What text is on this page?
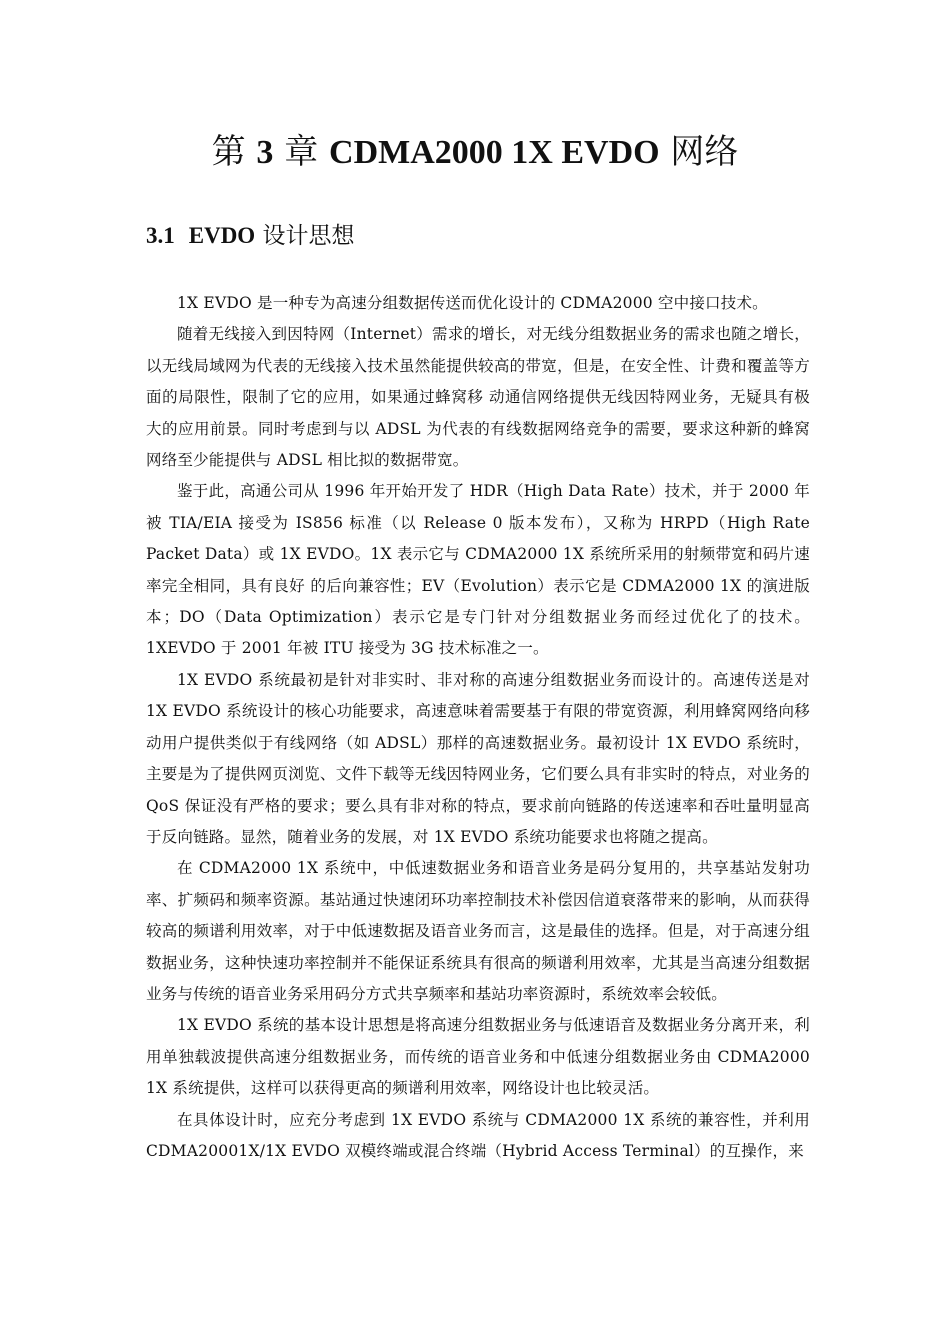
第 3 章 CDMA2000 1X EVDO 网络
3.1 EVDO 设计思想

1X EVDO 是一种专为高速分组数据传送而优化设计的 CDMA2000 空中接口技术。

随着无线接入到因特网（Internet）需求的增长，对无线分组数据业务的需求也随之增长，以无线局域网为代表的无线接入技术虽然能提供较高的带宽，但是，在安全性、计费和覆盖等方面的局限性，限制了它的应用，如果通过蜂窝移 动通信网络提供无线因特网业务，无疑具有极大的应用前景。同时考虑到与以 ADSL 为代表的有线数据网络竞争的需要，要求这种新的蜂窝网络至少能提供与 ADSL 相比拟的数据带宽。

鉴于此，高通公司从 1996 年开始开发了 HDR（High Data Rate）技术，并于 2000 年被 TIA/EIA 接受为 IS856 标准（以 Release 0 版本发布），又称为 HRPD（High Rate Packet Data）或 1X EVDO。1X 表示它与 CDMA2000 1X 系统所采用的射频带宽和码片速率完全相同，具有良好 的后向兼容性；EV（Evolution）表示它是 CDMA2000 1X 的演进版本；DO（Data Optimization）表示它是专门针对分组数据业务而经过优化了的技术。1XEVDO 于 2001 年被 ITU 接受为 3G 技术标准之一。

1X EVDO 系统最初是针对非实时、非对称的高速分组数据业务而设计的。高速传送是对 1X EVDO 系统设计的核心功能要求，高速意味着需要基于有限的带宽资源，利用蜂窝网络向移动用户提供类似于有线网络（如 ADSL）那样的高速数据业务。最初设计 1X EVDO 系统时，主要是为了提供网页浏览、文件下载等无线因特网业务，它们要么具有非实时的特点，对业务的 QoS 保证没有严格的要求；要么具有非对称的特点，要求前向链路的传送速率和吞吐量明显高于反向链路。显然，随着业务的发展，对 1X EVDO 系统功能要求也将随之提高。

在 CDMA2000 1X 系统中，中低速数据业务和语音业务是码分复用的，共享基站发射功率、扩频码和频率资源。基站通过快速闭环功率控制技术补偿因信道衰落带来的影响，从而获得较高的频谱利用效率，对于中低速数据及语音业务而言，这是最佳的选择。但是，对于高速分组数据业务，这种快速功率控制并不能保证系统具有很高的频谱利用效率，尤其是当高速分组数据业务与传统的语音业务采用码分方式共享频率和基站功率资源时，系统效率会较低。

1X EVDO 系统的基本设计思想是将高速分组数据业务与低速语音及数据业务分离开来，利用单独载波提供高速分组数据业务，而传统的语音业务和中低速分组数据业务由 CDMA2000 1X 系统提供，这样可以获得更高的频谱利用效率，网络设计也比较灵活。

在具体设计时，应充分考虑到 1X EVDO 系统与 CDMA2000 1X 系统的兼容性，并利用 CDMA20001X/1X EVDO 双模终端或混合终端（Hybrid Access Terminal）的互操作，来
